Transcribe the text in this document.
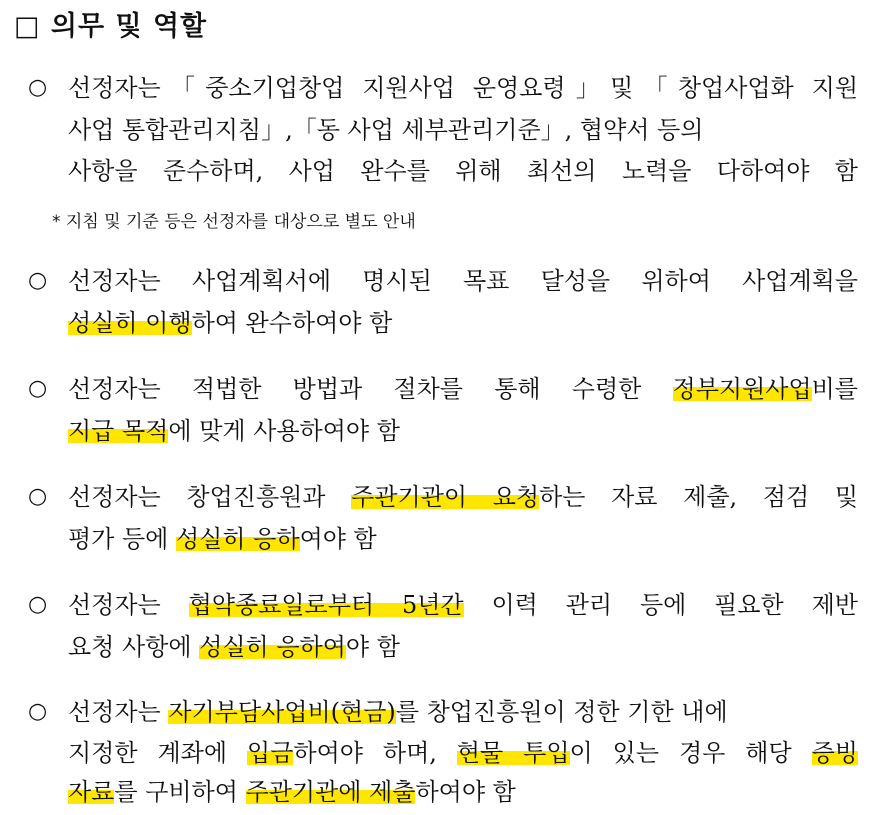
□ 의무 및 역할
○ 선정자는「중소기업창업 지원사업 운영요령」및「창업사업화 지원
사업 통합관리지침」,「동 사업 세부관리기준」, 협약서 등의
사항을 준수하며, 사업 완수를 위해 최선의 노력을 다하여야 함
* 지침 및 기준 등은 선정자를 대상으로 별도 안내
○ 선정자는 사업계획서에 명시된 목표 달성을 위하여 사업계획을
성실히 이행하여 완수하여야 함
○ 선정자는 적법한 방법과 절차를 통해 수령한 정부지원사업비를
지급 목적에 맞게 사용하여야 함
○ 선정자는 창업진흥원과 주관기관이 요청하는 자료 제출, 점검 및
평가 등에 성실히 응하여야 함
○ 선정자는 협약종료일로부터 5년간 이력 관리 등에 필요한 제반
요청 사항에 성실히 응하여야 함
○ 선정자는 자기부담사업비(현금)를 창업진흥원이 정한 기한 내에
지정한 계좌에 입금하여야 하며, 현물 투입이 있는 경우 해당 증빙
자료를 구비하여 주관기관에 제출하여야 함
